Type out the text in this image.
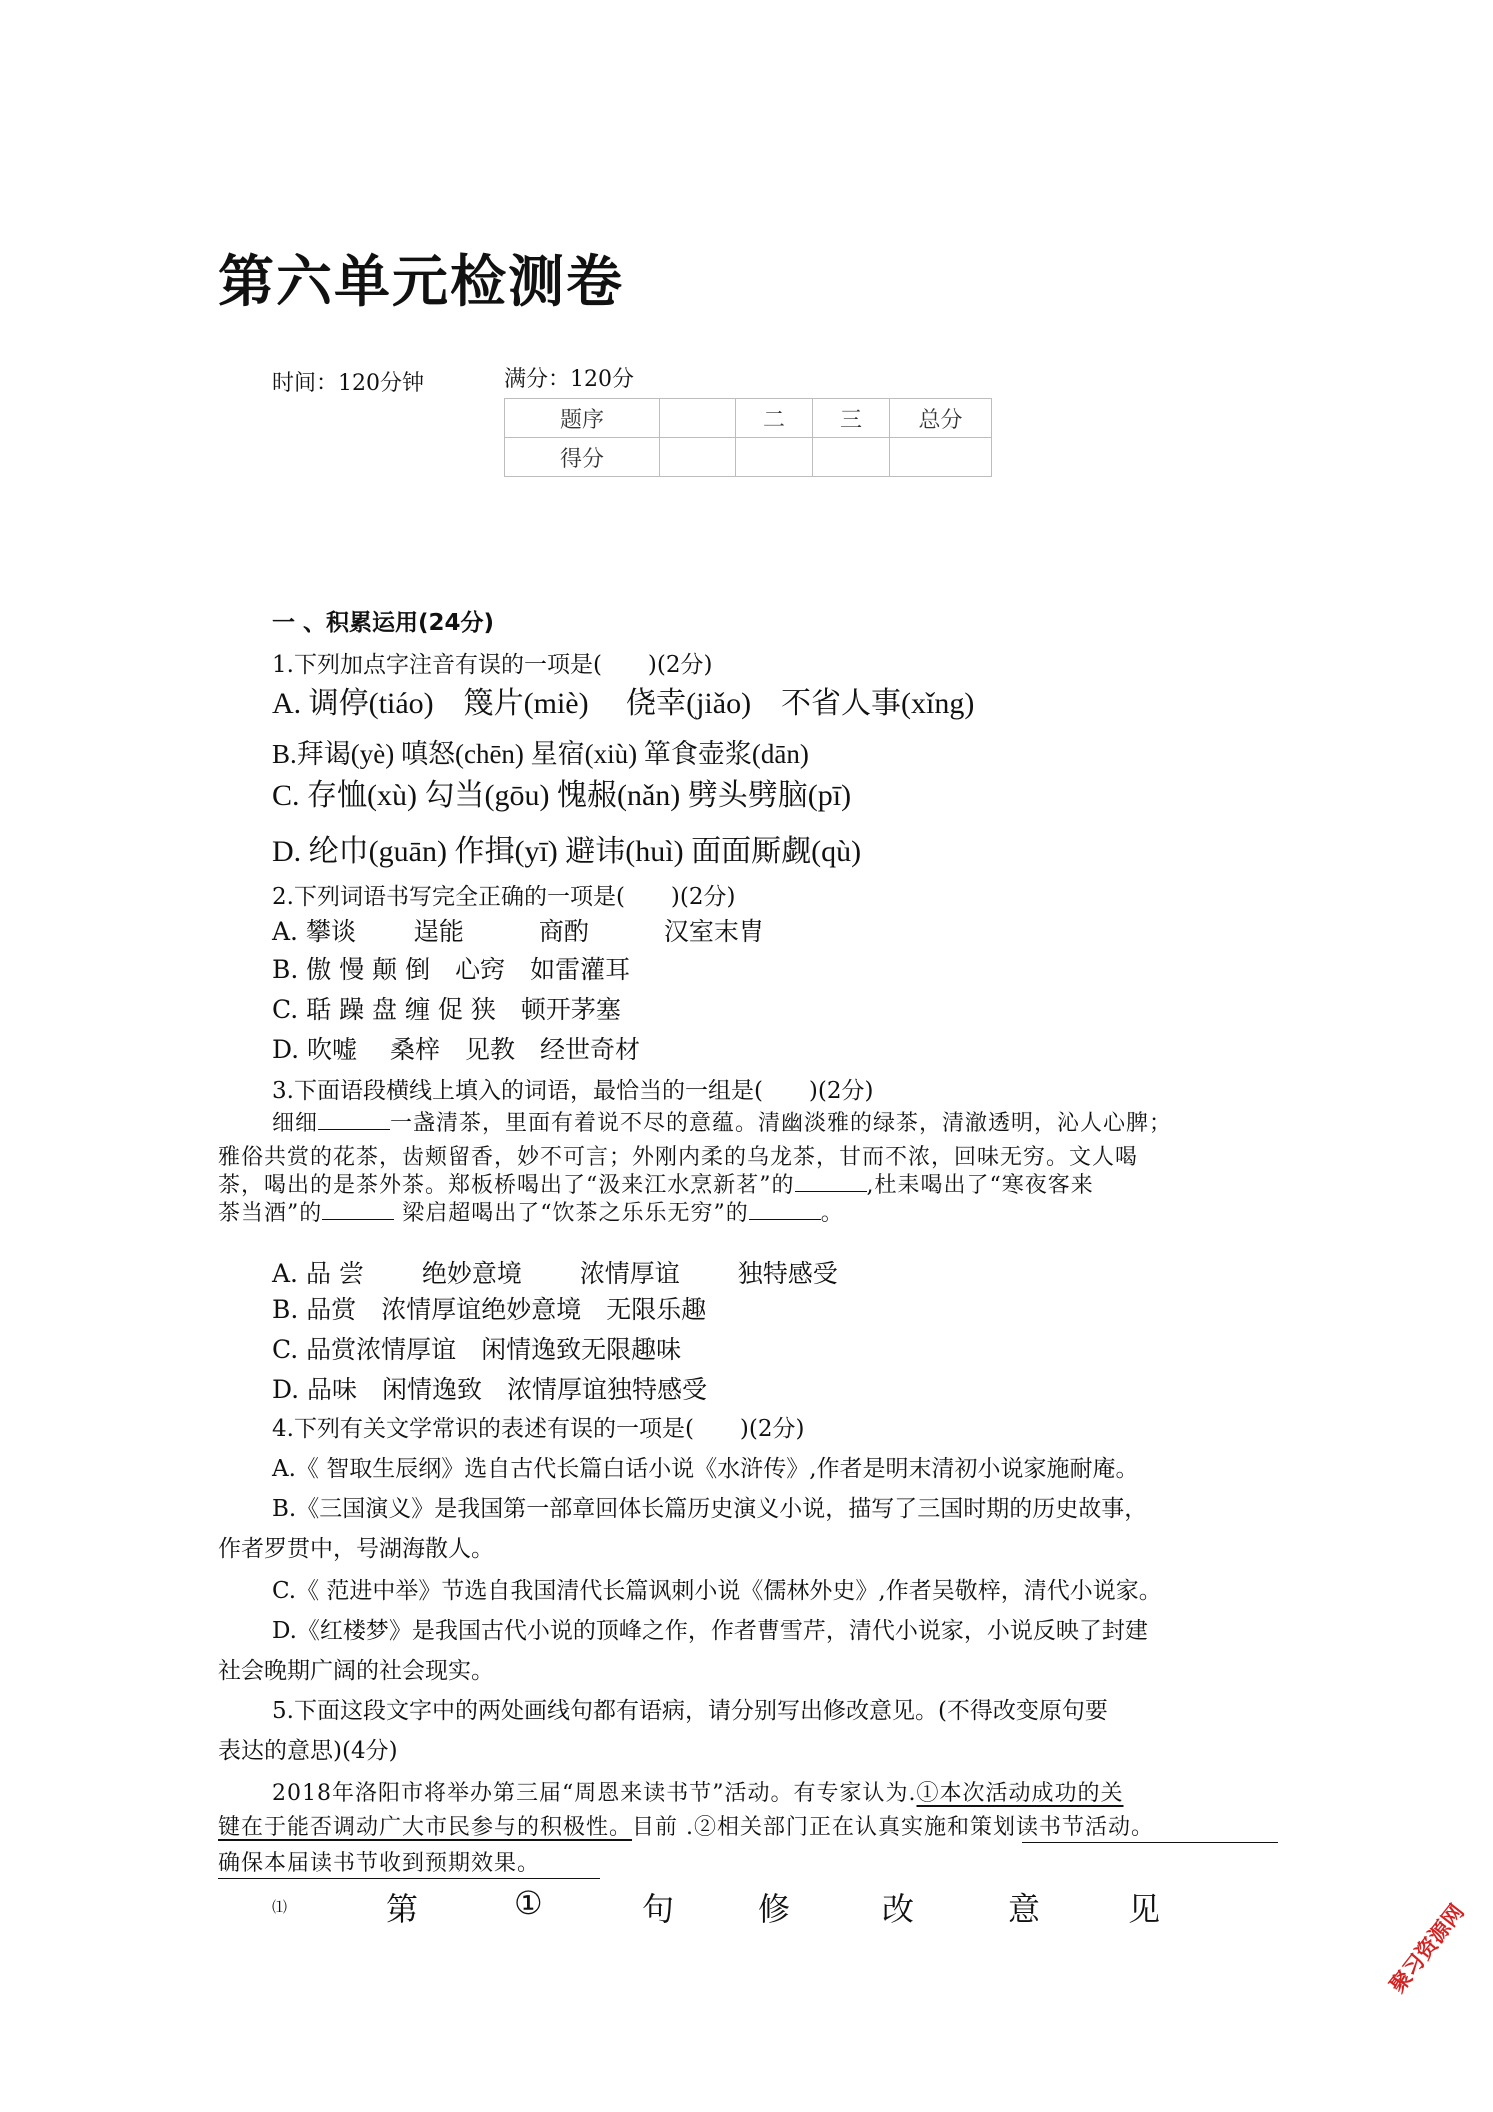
第六单元检测卷
时间：120分钟	满分：120分
题序		二	三	总分
得分				
一 、积累运用(24分)
1.下列加点字注音有误的一项是(　　)(2分)
A. 调停(tiáo)　篾片(miè)　 侥幸(jiǎo)　不省人事(xǐng)
B.拜谒(yè) 嗔怒(chēn) 星宿(xiù) 箪食壶浆(dān)
C. 存恤(xù) 勾当(gōu) 愧赧(nǎn) 劈头劈脑(pī)
D. 纶巾(guān) 作揖(yī) 避讳(huì) 面面厮觑(qù)
2.下列词语书写完全正确的一项是(　　)(2分)
A. 攀谈　　 逞能　　　商酌　　　汉室末胄
B. 傲 慢 颠 倒　心窍　如雷灌耳
C. 聒 躁 盘 缠 促 狭　顿开茅塞
D. 吹嘘　 桑梓　见教　经世奇材
3.下面语段横线上填入的词语，最恰当的一组是(　　)(2分)
细细	一盏清茶，里面有着说不尽的意蕴。清幽淡雅的绿茶，清澈透明，沁人心脾；
雅俗共赏的花茶，齿颊留香，妙不可言；外刚内柔的乌龙茶，甘而不浓，回味无穷。文人喝
茶，喝出的是茶外茶。郑板桥喝出了“汲来江水烹新茗”的	,杜耒喝出了“寒夜客来
茶当酒”的	梁启超喝出了“饮茶之乐乐无穷”的	。
A. 品 尝　　 绝妙意境　　 浓情厚谊　　 独特感受
B. 品赏　浓情厚谊绝妙意境　无限乐趣
C. 品赏浓情厚谊　闲情逸致无限趣味
D. 品味　闲情逸致　浓情厚谊独特感受
4.下列有关文学常识的表述有误的一项是(　　)(2分)
A.《 智取生辰纲》选自古代长篇白话小说《水浒传》,作者是明末清初小说家施耐庵。
B.《三国演义》是我国第一部章回体长篇历史演义小说，描写了三国时期的历史故事，
作者罗贯中，号湖海散人。
C.《 范进中举》节选自我国清代长篇讽刺小说《儒林外史》,作者吴敬梓，清代小说家。
D.《红楼梦》是我国古代小说的顶峰之作，作者曹雪芹，清代小说家，小说反映了封建
社会晚期广阔的社会现实。
5.下面这段文字中的两处画线句都有语病，请分别写出修改意见。(不得改变原句要
表达的意思)(4分)
2018年洛阳市将举办第三届“周恩来读书节”活动。有专家认为.①本次活动成功的关
键在于能否调动广大市民参与的积极性。目前 .②相关部门正在认真实施和策划读书节活动。
确保本届读书节收到预期效果。
⑴	第	①	句	修	改	意	见	聚习资源网
